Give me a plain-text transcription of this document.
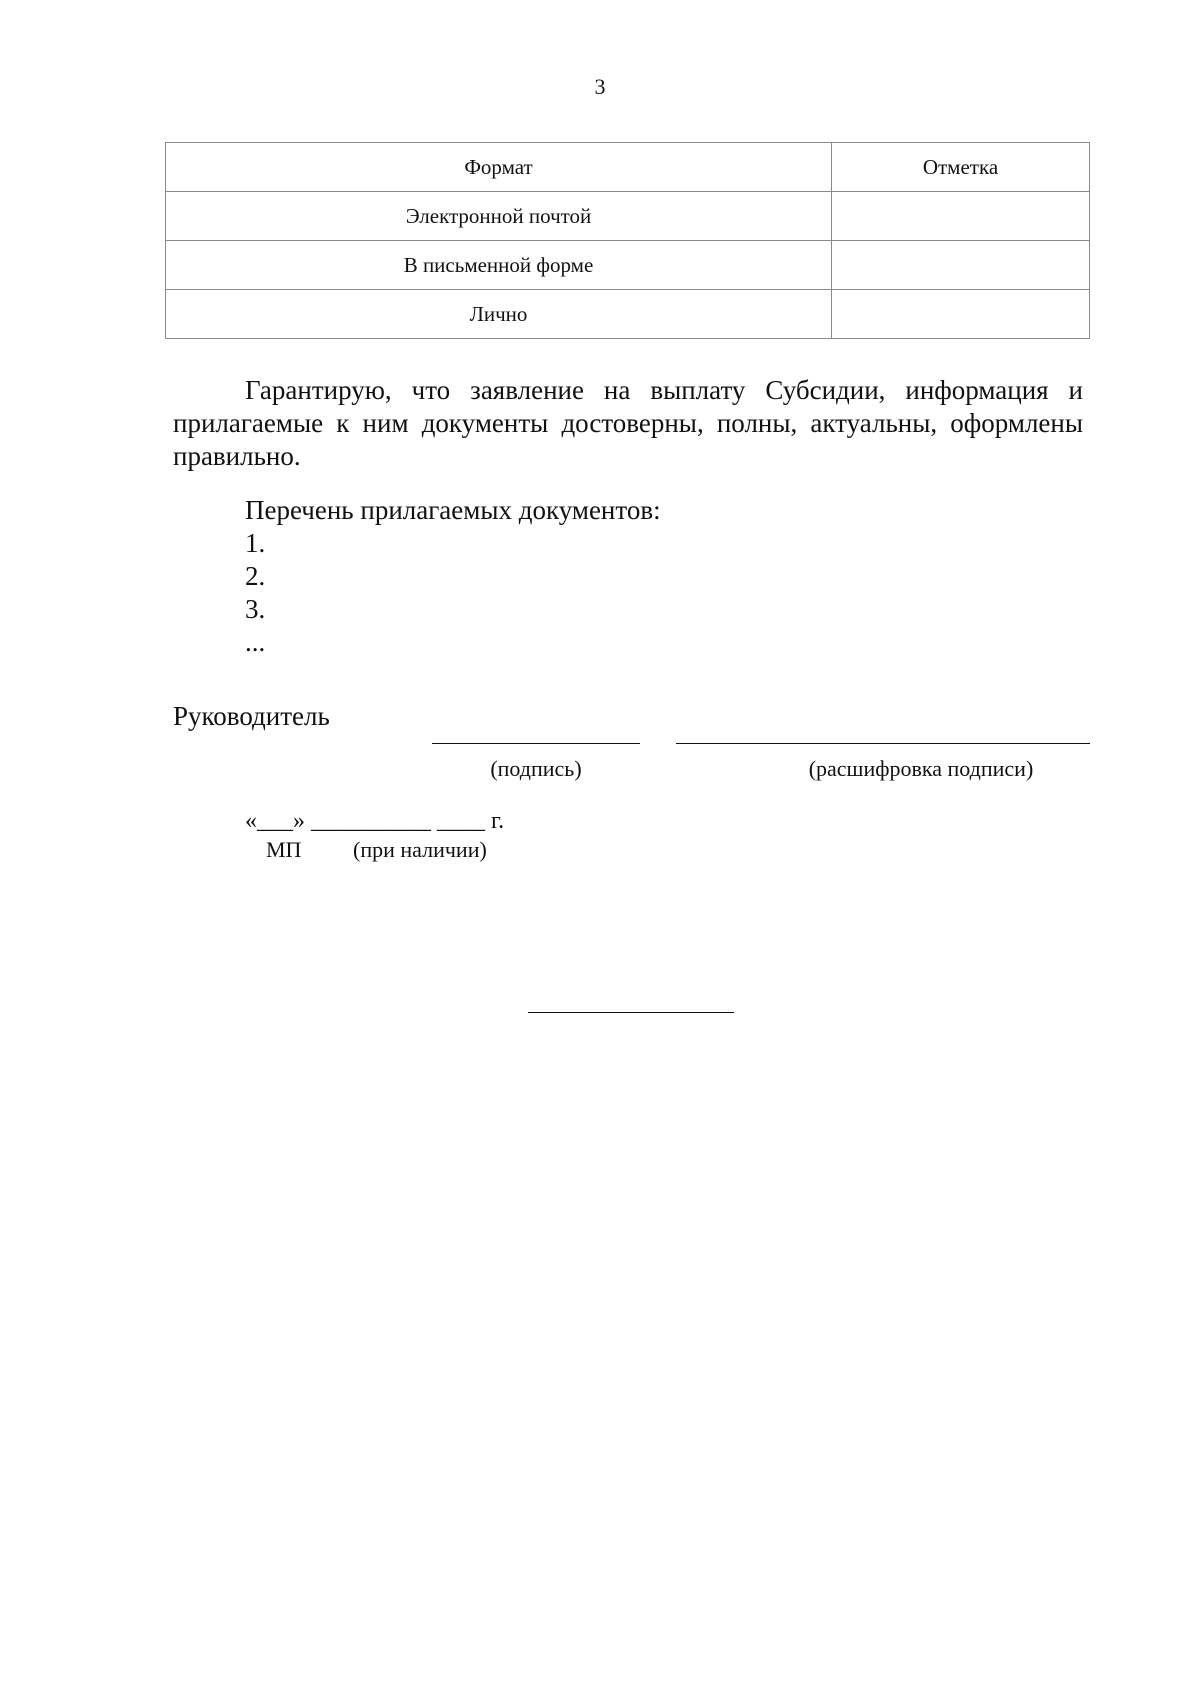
3
Формат	Отметка
Электронной почтой	
В письменной форме	
Лично	

Гарантирую, что заявление на выплату Субсидии, информация и прилагаемые к ним документы достоверны, полны, актуальны, оформлены правильно.

Перечень прилагаемых документов:
1.
2.
3.
...
Руководитель
(подпись)	(расшифровка подписи)
«___» __________ ____ г.
МП (при наличии)
